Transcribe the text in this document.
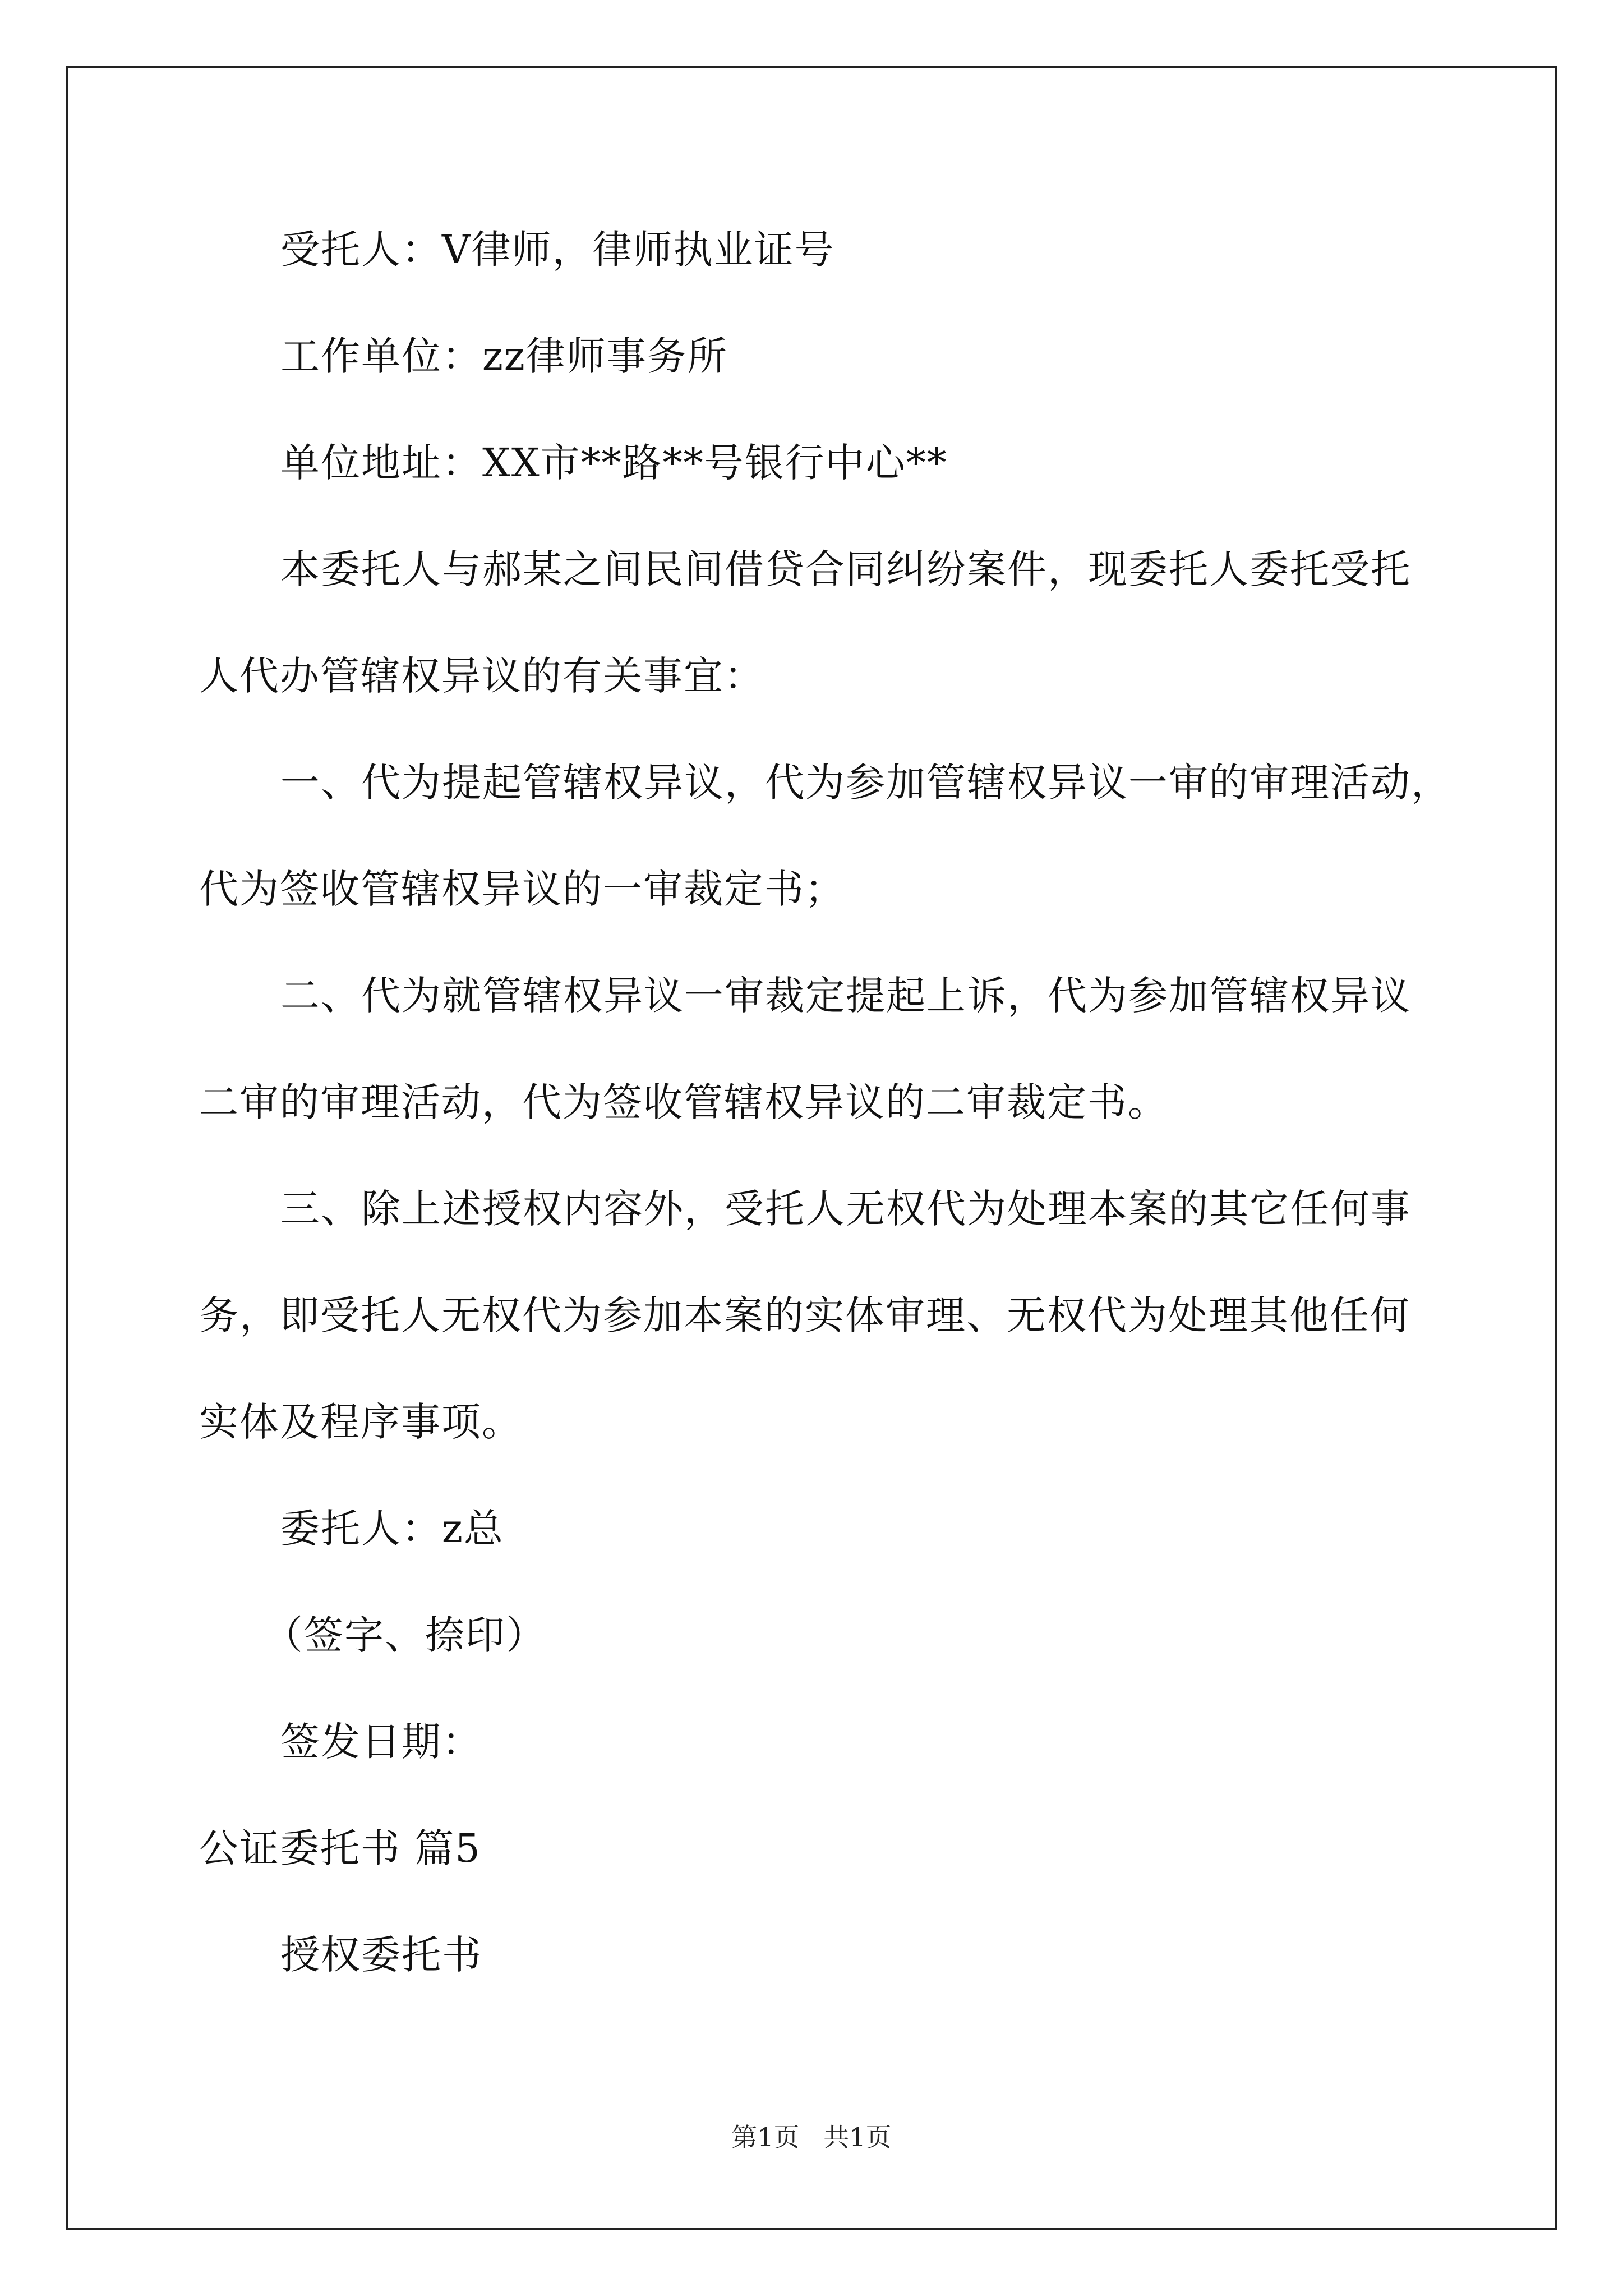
受托人：V律师，律师执业证号
工作单位：zz律师事务所
单位地址：XX市**路**号银行中心**
本委托人与郝某之间民间借贷合同纠纷案件，现委托人委托受托
人代办管辖权异议的有关事宜：
一、代为提起管辖权异议，代为参加管辖权异议一审的审理活动，
代为签收管辖权异议的一审裁定书；
二、代为就管辖权异议一审裁定提起上诉，代为参加管辖权异议
二审的审理活动，代为签收管辖权异议的二审裁定书。
三、除上述授权内容外，受托人无权代为处理本案的其它任何事
务，即受托人无权代为参加本案的实体审理、无权代为处理其他任何
实体及程序事项。
委托人：z总
（签字、捺印）
签发日期：
公证委托书 篇5
授权委托书
第1页 共1页
